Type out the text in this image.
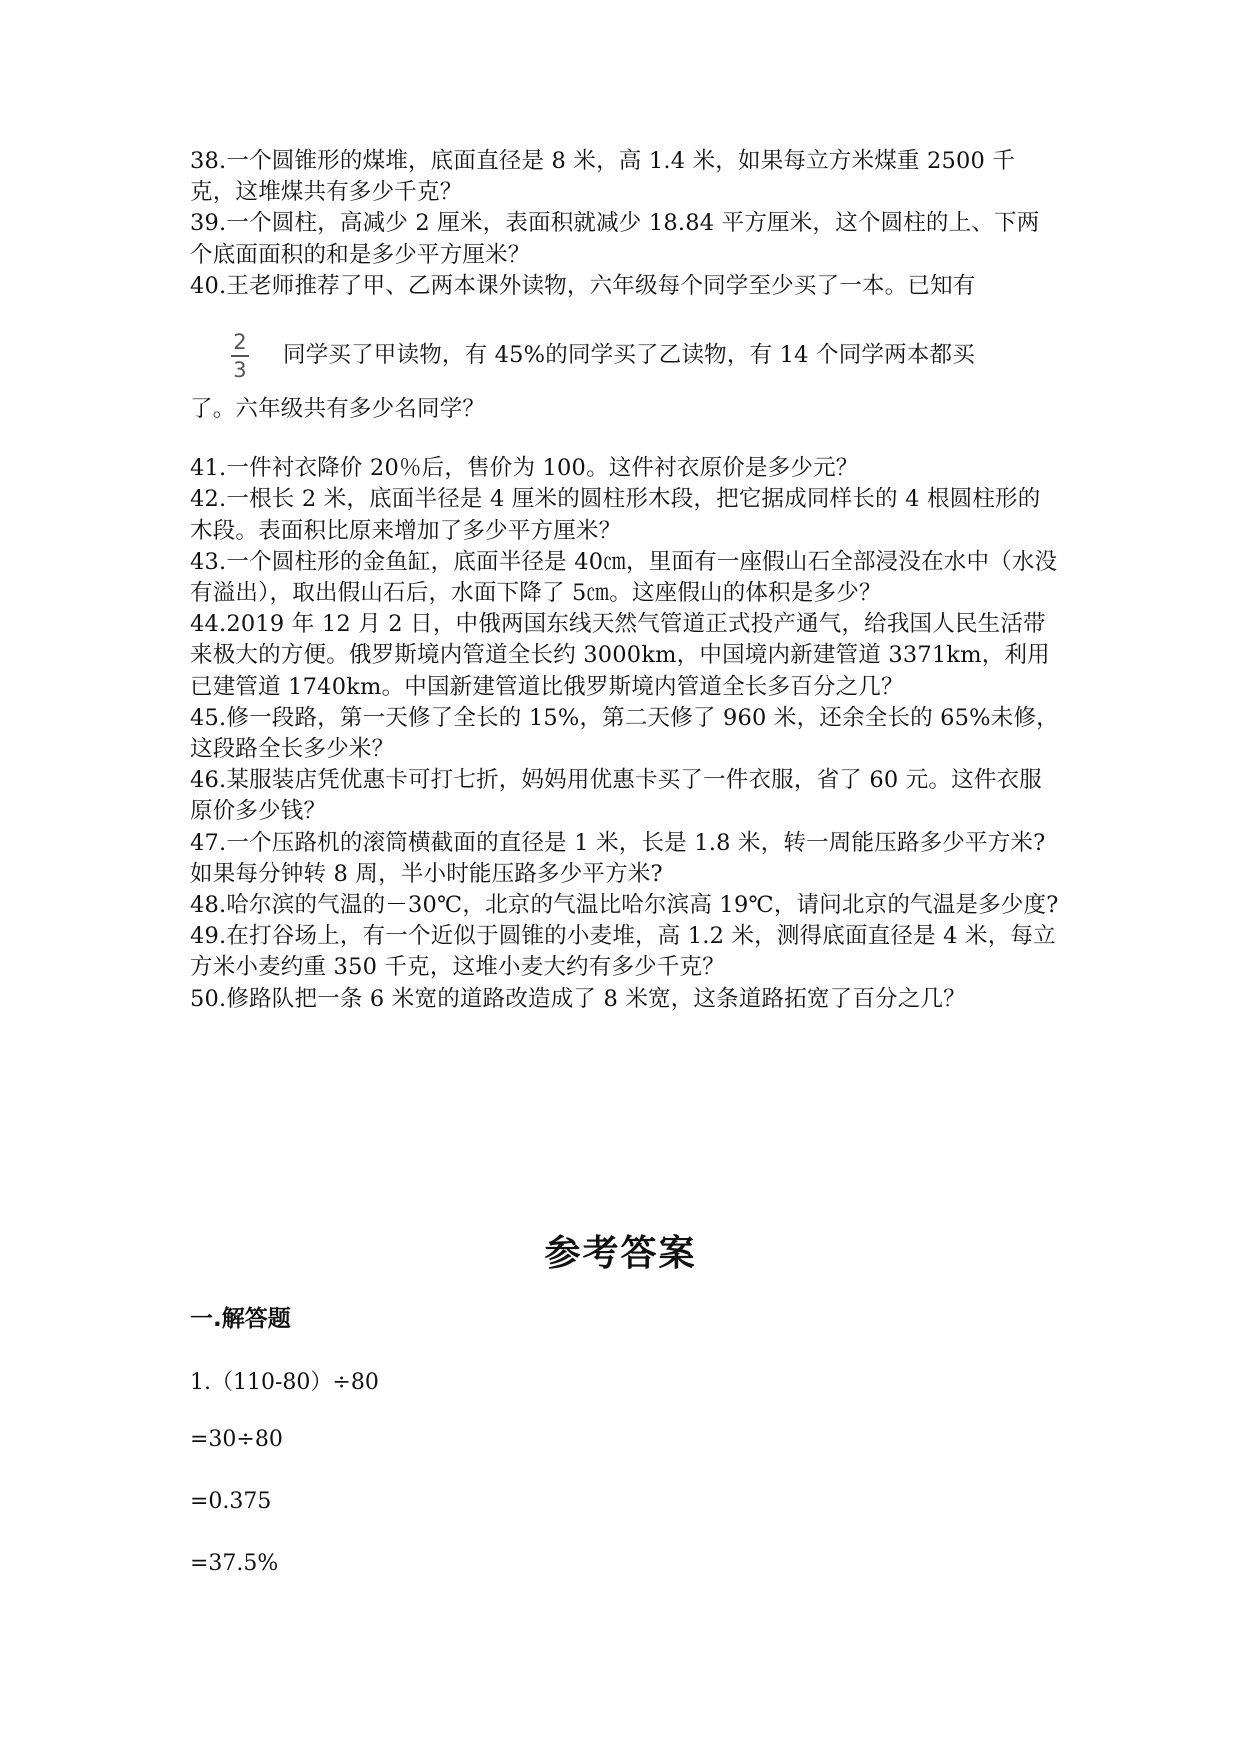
38.一个圆锥形的煤堆，底面直径是 8 米，高 1.4 米，如果每立方米煤重 2500 千克，这堆煤共有多少千克？

39.一个圆柱，高减少 2 厘米，表面积就减少 18.84 平方厘米，这个圆柱的上、下两个底面面积的和是多少平方厘米？

40.王老师推荐了甲、乙两本课外读物，六年级每个同学至少买了一本。已知有

$\frac{2}{3}$ 同学买了甲读物，有 45%的同学买了乙读物，有 14 个同学两本都买

了。六年级共有多少名同学？

41.一件衬衣降价 20％后，售价为 100。这件衬衣原价是多少元？

42.一根长 2 米，底面半径是 4 厘米的圆柱形木段，把它据成同样长的 4 根圆柱形的木段。表面积比原来增加了多少平方厘米？

43.一个圆柱形的金鱼缸，底面半径是 40㎝，里面有一座假山石全部浸没在水中（水没有溢出），取出假山石后，水面下降了 5㎝。这座假山的体积是多少？

44.2019 年 12 月 2 日，中俄两国东线天然气管道正式投产通气，给我国人民生活带来极大的方便。俄罗斯境内管道全长约 3000km，中国境内新建管道 3371km，利用已建管道 1740km。中国新建管道比俄罗斯境内管道全长多百分之几？

45.修一段路，第一天修了全长的 15%，第二天修了 960 米，还余全长的 65%未修，这段路全长多少米？

46.某服装店凭优惠卡可打七折，妈妈用优惠卡买了一件衣服，省了 60 元。这件衣服原价多少钱？

47.一个压路机的滚筒横截面的直径是 1 米，长是 1.8 米，转一周能压路多少平方米?如果每分钟转 8 周，半小时能压路多少平方米?

48.哈尔滨的气温的－30℃，北京的气温比哈尔滨高 19℃，请问北京的气温是多少度?

49.在打谷场上，有一个近似于圆锥的小麦堆，高 1.2 米，测得底面直径是 4 米，每立方米小麦约重 350 千克，这堆小麦大约有多少千克？

50.修路队把一条 6 米宽的道路改造成了 8 米宽，这条道路拓宽了百分之几？

参考答案
一.解答题
1.（110-80）÷80
=30÷80
=0.375
=37.5%
